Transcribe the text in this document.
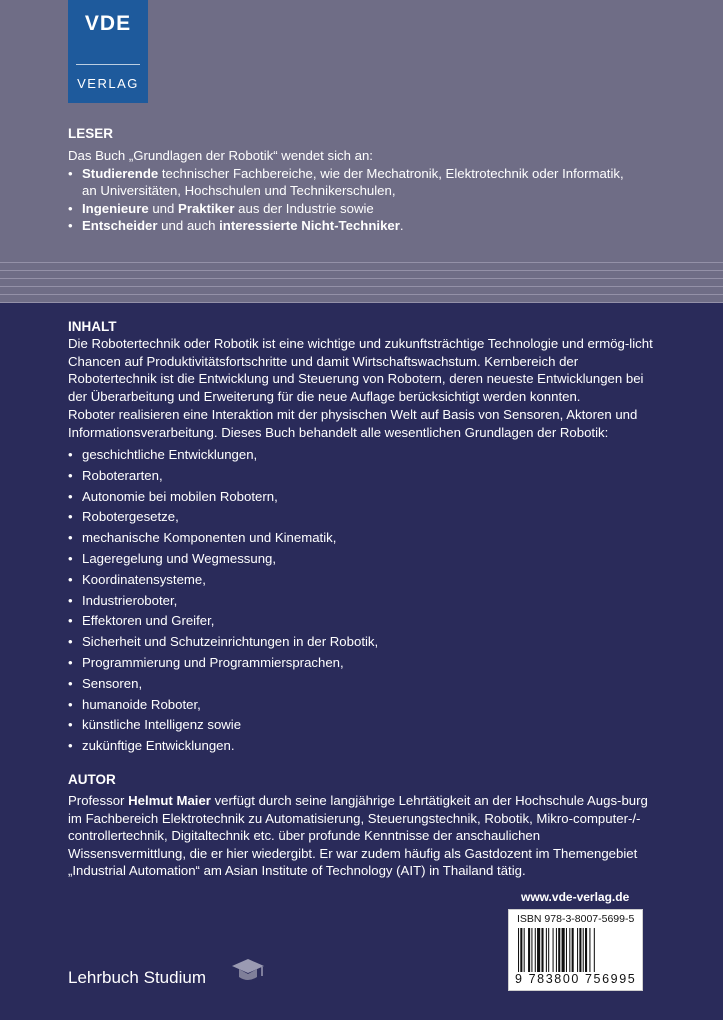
VDE
VERLAG
LESER

Das Buch „Grundlagen der Robotik“ wendet sich an:

• Studierende technischer Fachbereiche, wie der Mechatronik, Elektrotechnik oder Informatik,
an Universitäten, Hochschulen und Technikerschulen,
• Ingenieure und Praktiker aus der Industrie sowie
• Entscheider und auch interessierte Nicht-Techniker.
INHALT

Die Robotertechnik oder Robotik ist eine wichtige und zukunftsträchtige Technologie und ermög-licht Chancen auf Produktivitätsfortschritte und damit Wirtschaftswachstum. Kernbereich der Robotertechnik ist die Entwicklung und Steuerung von Robotern, deren neueste Entwicklungen bei der Überarbeitung und Erweiterung für die neue Auflage berücksichtigt werden konnten.

Roboter realisieren eine Interaktion mit der physischen Welt auf Basis von Sensoren, Aktoren und Informationsverarbeitung. Dieses Buch behandelt alle wesentlichen Grundlagen der Robotik:

• geschichtliche Entwicklungen,
• Roboterarten,
• Autonomie bei mobilen Robotern,
• Robotergesetze,
• mechanische Komponenten und Kinematik,
• Lageregelung und Wegmessung,
• Koordinatensysteme,
• Industrieroboter,
• Effektoren und Greifer,
• Sicherheit und Schutzeinrichtungen in der Robotik,
• Programmierung und Programmiersprachen,
• Sensoren,
• humanoide Roboter,
• künstliche Intelligenz sowie
• zukünftige Entwicklungen.
AUTOR

Professor Helmut Maier verfügt durch seine langjährige Lehrtätigkeit an der Hochschule Augs-burg im Fachbereich Elektrotechnik zu Automatisierung, Steuerungstechnik, Robotik, Mikro-computer-/-controllertechnik, Digitaltechnik etc. über profunde Kenntnisse der anschaulichen Wissensvermittlung, die er hier wiedergibt. Er war zudem häufig als Gastdozent im Themengebiet „Industrial Automation“ am Asian Institute of Technology (AIT) in Thailand tätig.

www.vde-verlag.de
ISBN 978-3-8007-5699-5
9 783800 756995
Lehrbuch Studium
